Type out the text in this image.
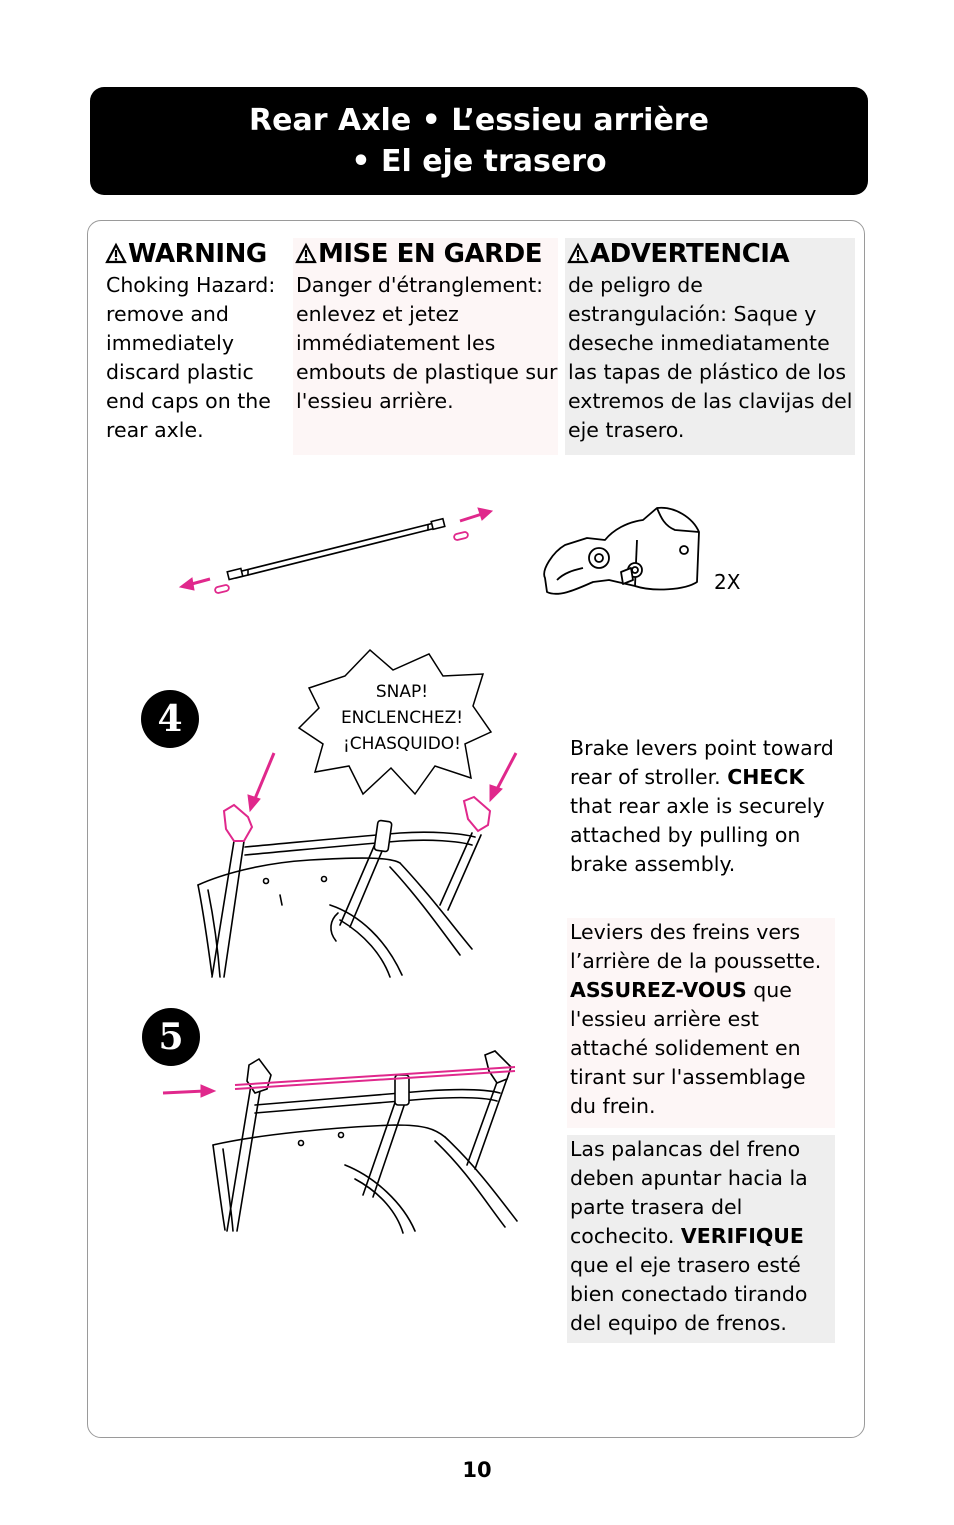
Rear Axle • L’essieu arrière
• El eje trasero
WARNING
Choking Hazard: remove and immediately discard plastic end caps on the rear axle.
MISE EN GARDE
Danger d'étranglement: enlevez et jetez immédiatement les embouts de plastique sur l'essieu arrière.
ADVERTENCIA
de peligro de estrangulación: Saque y deseche inmediatamente las tapas de plástico de los extremos de las clavijas del eje trasero.
2X
4
5
SNAP!
ENCLENCHEZ!
¡CHASQUIDO!	Brake levers point toward rear of stroller. CHECK that rear axle is securely attached by pulling on brake assembly.
Leviers des freins vers l’arrière de la poussette. ASSUREZ-VOUS que l'essieu arrière est attaché solidement en tirant sur l'assemblage du frein.
Las palancas del freno deben apuntar hacia la parte trasera del cochecito. VERIFIQUE que el eje trasero esté bien conectado tirando del equipo de frenos.
10
